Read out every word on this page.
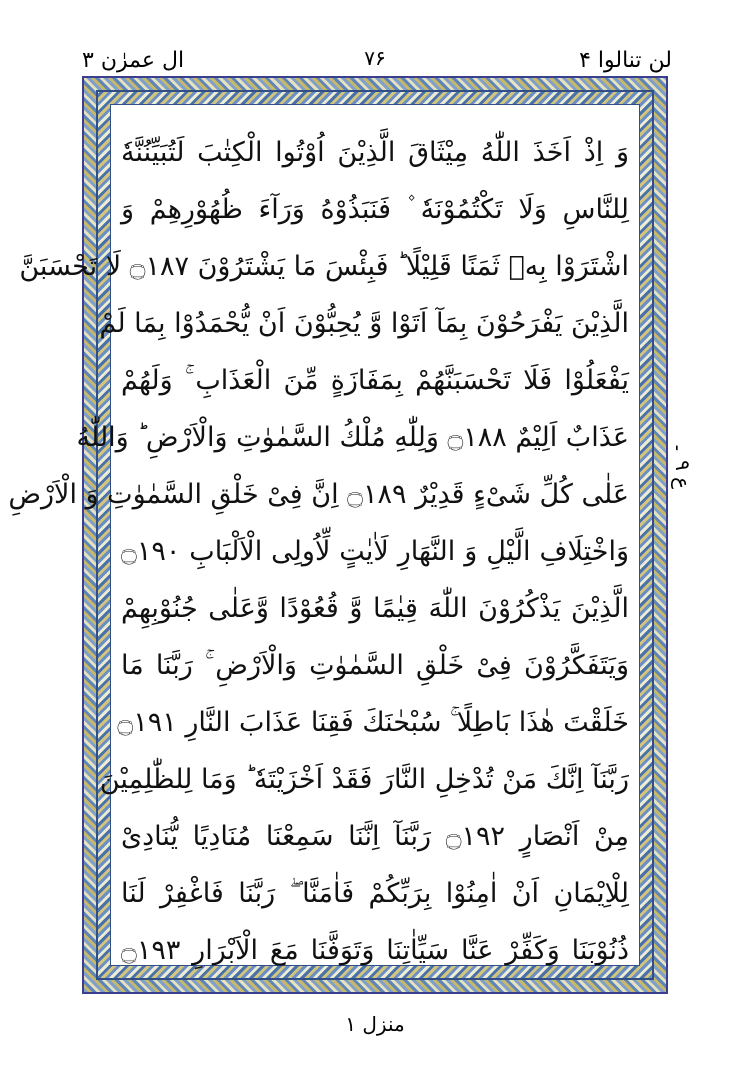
لن تنالوا ۴
۷۶
ال عمرٰن ۳
وَ اِذْ اَخَذَ اللّٰهُ مِيْثَاقَ الَّذِيْنَ اُوْتُوا الْكِتٰبَ لَتُبَيِّنُنَّهٗ
لِلنَّاسِ وَلَا تَكْتُمُوْنَهٗ ۫ فَنَبَذُوْهُ وَرَآءَ ظُهُوْرِهِمْ وَ
اشْتَرَوْا بِهٖ ثَمَنًا قَلِيْلًا ؕ فَبِئْسَ مَا يَشْتَرُوْنَ ۝۱۸۷ لَا تَحْسَبَنَّ
الَّذِيْنَ يَفْرَحُوْنَ بِمَآ اَتَوْا وَّ يُحِبُّوْنَ اَنْ يُّحْمَدُوْا بِمَا لَمْ
يَفْعَلُوْا فَلَا تَحْسَبَنَّهُمْ بِمَفَازَةٍ مِّنَ الْعَذَابِ ۚ وَلَهُمْ
عَذَابٌ اَلِيْمٌ ۝۱۸۸ وَلِلّٰهِ مُلْكُ السَّمٰوٰتِ وَالْاَرْضِ ؕ وَاللّٰهُ
عَلٰى كُلِّ شَىْءٍ قَدِيْرٌ ۝۱۸۹ اِنَّ فِىْ خَلْقِ السَّمٰوٰتِ وَ الْاَرْضِ
وَاخْتِلَافِ الَّيْلِ وَ النَّهَارِ لَاٰيٰتٍ لِّاُولِى الْاَلْبَابِ ۝۱۹۰
الَّذِيْنَ يَذْكُرُوْنَ اللّٰهَ قِيٰمًا وَّ قُعُوْدًا وَّعَلٰى جُنُوْبِهِمْ
وَيَتَفَكَّرُوْنَ فِىْ خَلْقِ السَّمٰوٰتِ وَالْاَرْضِ ۚ رَبَّنَا مَا
خَلَقْتَ هٰذَا بَاطِلًا ۚ سُبْحٰنَكَ فَقِنَا عَذَابَ النَّارِ ۝۱۹۱
رَبَّنَآ اِنَّكَ مَنْ تُدْخِلِ النَّارَ فَقَدْ اَخْزَيْتَهٗ ؕ وَمَا لِلظّٰلِمِيْنَ
مِنْ اَنْصَارٍ ۝۱۹۲ رَبَّنَآ اِنَّنَا سَمِعْنَا مُنَادِيًا يُّنَادِىْ
لِلْاِيْمَانِ اَنْ اٰمِنُوْا بِرَبِّكُمْ فَاٰمَنَّا ۖ رَبَّنَا فَاغْفِرْ لَنَا
ذُنُوْبَنَا وَكَفِّرْ عَنَّا سَيِّاٰتِنَا وَتَوَفَّنَا مَعَ الْاَبْرَارِ ۝۱۹۳
ع ۹ ۔
منزل ۱
